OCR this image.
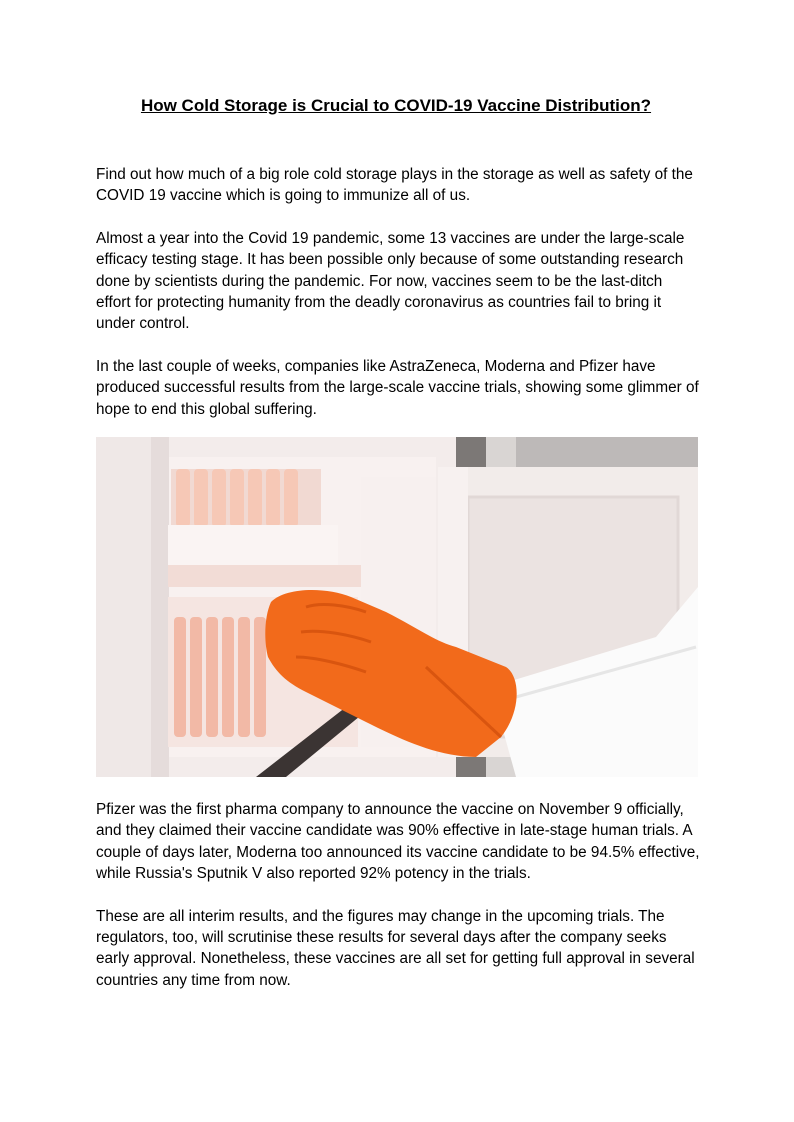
How Cold Storage is Crucial to COVID-19 Vaccine Distribution?

Find out how much of a big role cold storage plays in the storage as well as safety of the COVID 19 vaccine which is going to immunize all of us.

Almost a year into the Covid 19 pandemic, some 13 vaccines are under the large-scale efficacy testing stage. It has been possible only because of some outstanding research done by scientists during the pandemic. For now, vaccines seem to be the last-ditch effort for protecting humanity from the deadly coronavirus as countries fail to bring it under control.

In the last couple of weeks, companies like AstraZeneca, Moderna and Pfizer have produced successful results from the large-scale vaccine trials, showing some glimmer of hope to end this global suffering.

Pfizer was the first pharma company to announce the vaccine on November 9 officially, and they claimed their vaccine candidate was 90% effective in late-stage human trials. A couple of days later, Moderna too announced its vaccine candidate to be 94.5% effective, while Russia's Sputnik V also reported 92% potency in the trials.

These are all interim results, and the figures may change in the upcoming trials. The regulators, too, will scrutinise these results for several days after the company seeks early approval. Nonetheless, these vaccines are all set for getting full approval in several countries any time from now.
